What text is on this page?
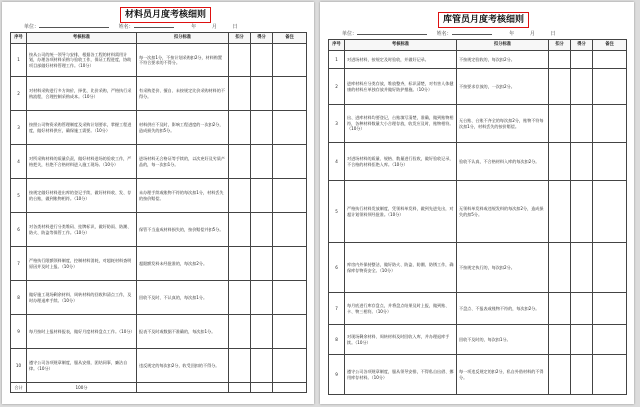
材料员月度考核细则
单位：	姓名：	年	月	日
序号	考核标准	扣分标准	扣分	得分	备注
1	按从公司的统一领导与安排，根据各工程的材料需用计划，办理各项材料采购与验收工作，保证工程进度，协助项目部做好材料管理工作。（10分）	每一次扣1分，不按计划采购扣2分，材料购置不符合要求的不得分。			
2	对材料采购进行多方询价，择优、比价采购，严格执行采购流程，合理控制采购成本。（10分）	有采购差价、擅自、未按规定比价采购材料的不得分。			
3	按照公司物资采购管理制度及采购计划要求，掌握工程进度，做好材料供应，确保施工需要。（10分）	材料供应不及时，影响工程进度的一次扣2分，造成损失的扣5分。			
4	对所采购材料的质量负责，做好材料进场的验收工作，严格把关，杜绝不合格材料进入施工现场。（10分）	进场材料无合格证等手续的，以次充好及劣质产品的，每一次扣1分。			
5	按规定做好材料进出库的登记手续，做好材料收、发、存的台账，做到账物相符。（10分）	未办理手续或账物不符的每次扣1分，材料丢失的按价赔偿。			
6	对各类材料进行分类堆码、挂牌标识，做好防雨、防潮、防火、防盗等保管工作。（10分）	保管不当造成材料损失的，按价赔偿并扣5分。			
7	严格执行限额领料制度，控制材料消耗，对超耗材料查明原因并及时上报。（10分）	超限额发料未经批准的，每次扣2分。			
8	做好施工现场剩余材料、周转材料的回收和清点工作，及时办理退库手续。（10分）	回收不及时、不认真的，每次扣1分。			
9	每月按时上报材料报表，做好月度材料盘点工作。（10分）	报表不及时或数据不准确的，每次扣1分。			
10	遵守公司各项规章制度，服从安排，团结同事，廉洁自律。（10分）	违反规定的每次扣2分，收受回扣的不得分。			
合计	100分				
库管员月度考核细则
单位：	姓名：	年	月	日
序号	考核标准	扣分标准	扣分	得分	备注
1	对进场材料，按规定及时验收，并做好记录。	不按规定验收的，每次扣2分。			
2	进库材料应分类存放，堆放整齐，标识清楚，对有害人体健康的材料应单独存放并做好防护措施。（10分）	不按要求存放的，一次扣2分。			
3	出、进库材料均要登记，台账填写清楚，准确，做到账物相符，各种材料数量大小合理存放，收发应及时，账物相符。（10分）	无台账、台账不齐全的每次扣2分，账物不符每次扣1分，材料丢失的按价赔偿。			
4	对进场材料的质量、规格、数量进行验收，做好验收记录，不合格的材料拒绝入库。（10分）	验收不认真，不合格材料入库的每次扣2分。			
5	严格执行材料发放制度，凭领料单发料，做到先进先出，对超计划领料须经批准。（10分）	无领料单发料或违规发料的每次扣2分，造成损失的扣5分。			
6	库房内外保持整洁，做好防火、防盗、防潮、防锈工作，确保库存物资安全。（10分）	不按规定执行的，每次扣2分。			
7	每月底进行库存盘点，并将盘点结果及时上报，做到账、卡、物三相符。（10分）	不盘点、不报表或账物不符的，每次扣2分。			
8	对现场剩余材料、周转材料及时回收入库，并办理退库手续。（10分）	回收不及时的，每次扣1分。			
9	遵守公司各项规章制度，服从领导安排，不得私自出借、挪用库存材料。（10分）	每一项违反规定的扣2分，私自外借材料的不得分。			
